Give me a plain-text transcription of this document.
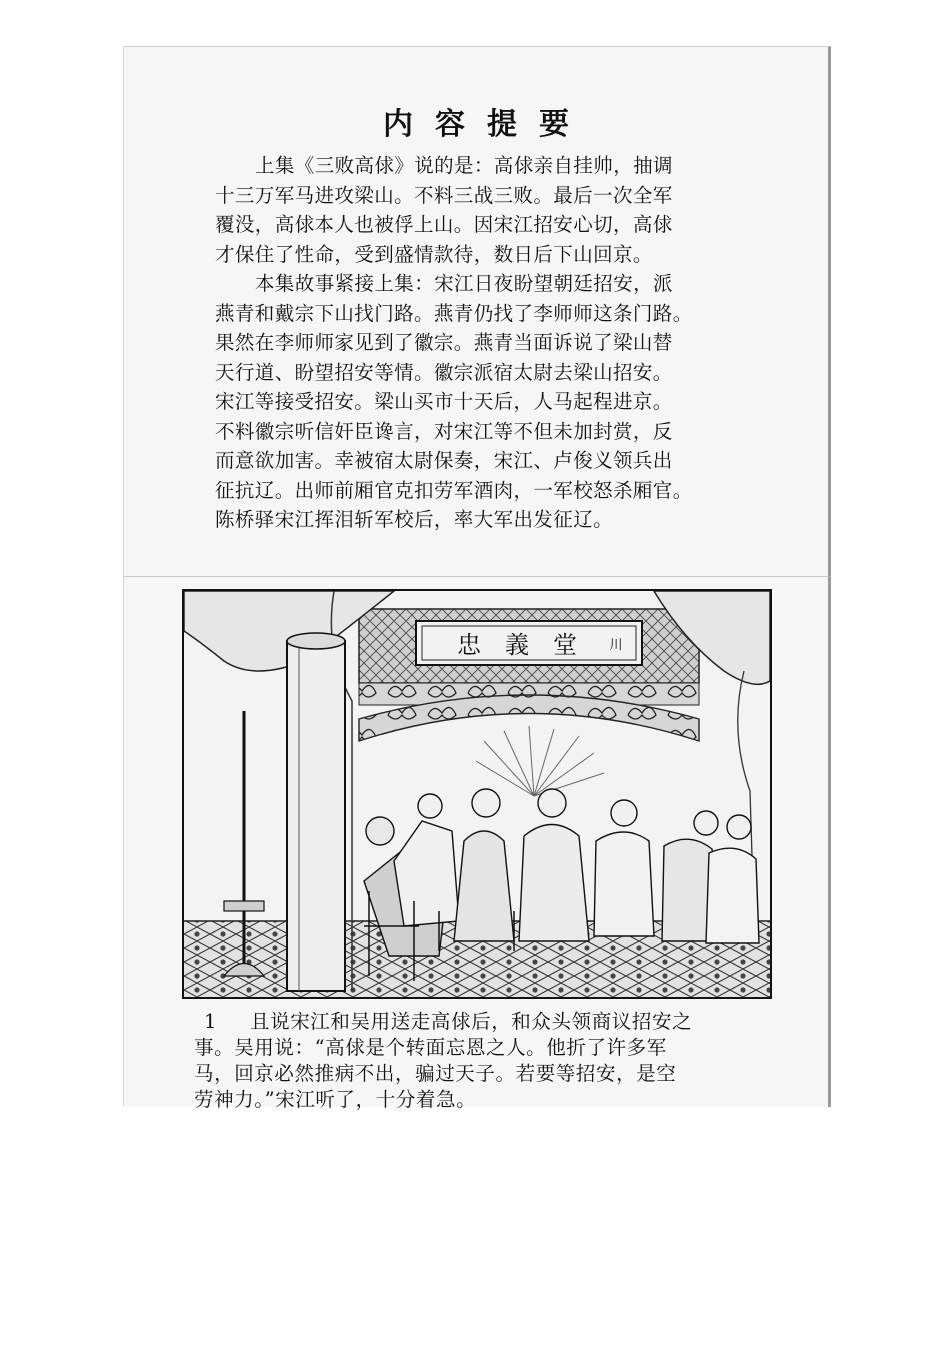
内容提要
上集《三败高俅》说的是：高俅亲自挂帅，抽调
十三万军马进攻梁山。不料三战三败。最后一次全军
覆没，高俅本人也被俘上山。因宋江招安心切，高俅
才保住了性命，受到盛情款待，数日后下山回京。
本集故事紧接上集：宋江日夜盼望朝廷招安，派
燕青和戴宗下山找门路。燕青仍找了李师师这条门路。
果然在李师师家见到了徽宗。燕青当面诉说了梁山替
天行道、盼望招安等情。徽宗派宿太尉去梁山招安。
宋江等接受招安。梁山买市十天后，人马起程进京。
不料徽宗听信奸臣谗言，对宋江等不但未加封赏，反
而意欲加害。幸被宿太尉保奏，宋江、卢俊义领兵出
征抗辽。出师前厢官克扣劳军酒肉，一军校怒杀厢官。
陈桥驿宋江挥泪斩军校后，率大军出发征辽。
忠義堂 川
1 且说宋江和吴用送走高俅后，和众头领商议招安之
事。吴用说：“高俅是个转面忘恩之人。他折了许多军
马，回京必然推病不出，骗过天子。若要等招安，是空
劳神力。”宋江听了，十分着急。
